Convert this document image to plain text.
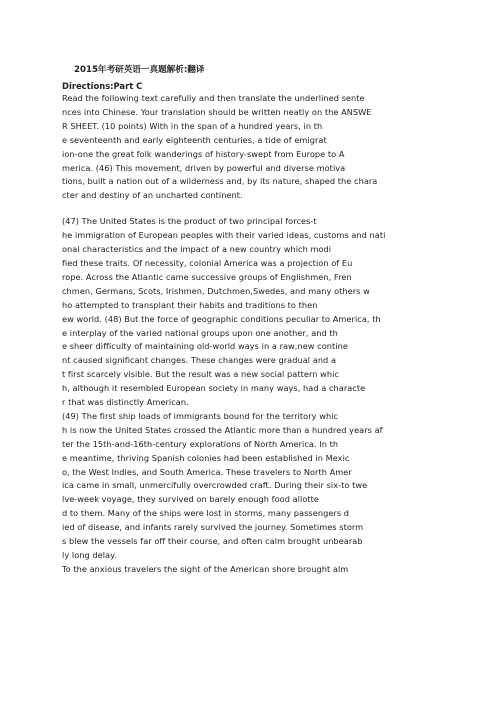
2015年考研英语一真题解析:翻译
Directions:Part C
Read the following text carefully and then translate the underlined sente
nces into Chinese. Your translation should be written neatly on the ANSWE
R SHEET. (10 points) With in the span of a hundred years, in th
e seventeenth and early eighteenth centuries, a tide of emigrat
ion-one the great folk wanderings of history-swept from Europe to A
merica. (46) This movement, driven by powerful and diverse motiva
tions, built a nation out of a wilderness and, by its nature, shaped the chara
cter and destiny of an uncharted continent.
(47) The United States is the product of two principal forces-t
he immigration of European peoples with their varied ideas, customs and nati
onal characteristics and the impact of a new country which modi
fied these traits. Of necessity, colonial America was a projection of Eu
rope. Across the Atlantic came successive groups of Englishmen, Fren
chmen, Germans, Scots, Irishmen, Dutchmen,Swedes, and many others w
ho attempted to transplant their habits and traditions to then
ew world. (48) But the force of geographic conditions peculiar to America, th
e interplay of the varied national groups upon one another, and th
e sheer difficulty of maintaining old-world ways in a raw,new contine
nt caused significant changes. These changes were gradual and a
t first scarcely visible. But the result was a new social pattern whic
h, although it resembled European society in many ways, had a characte
r that was distinctly American.
(49) The first ship loads of immigrants bound for the territory whic
h is now the United States crossed the Atlantic more than a hundred years af
ter the 15th-and-16th-century explorations of North America. In th
e meantime, thriving Spanish colonies had been established in Mexic
o, the West Indies, and South America. These travelers to North Amer
ica came in small, unmercifully overcrowded craft. During their six-to twe
lve-week voyage, they survived on barely enough food allotte
d to them. Many of the ships were lost in storms, many passengers d
ied of disease, and infants rarely survived the journey. Sometimes storm
s blew the vessels far off their course, and often calm brought unbearab
ly long delay.
To the anxious travelers the sight of the American shore brought alm
